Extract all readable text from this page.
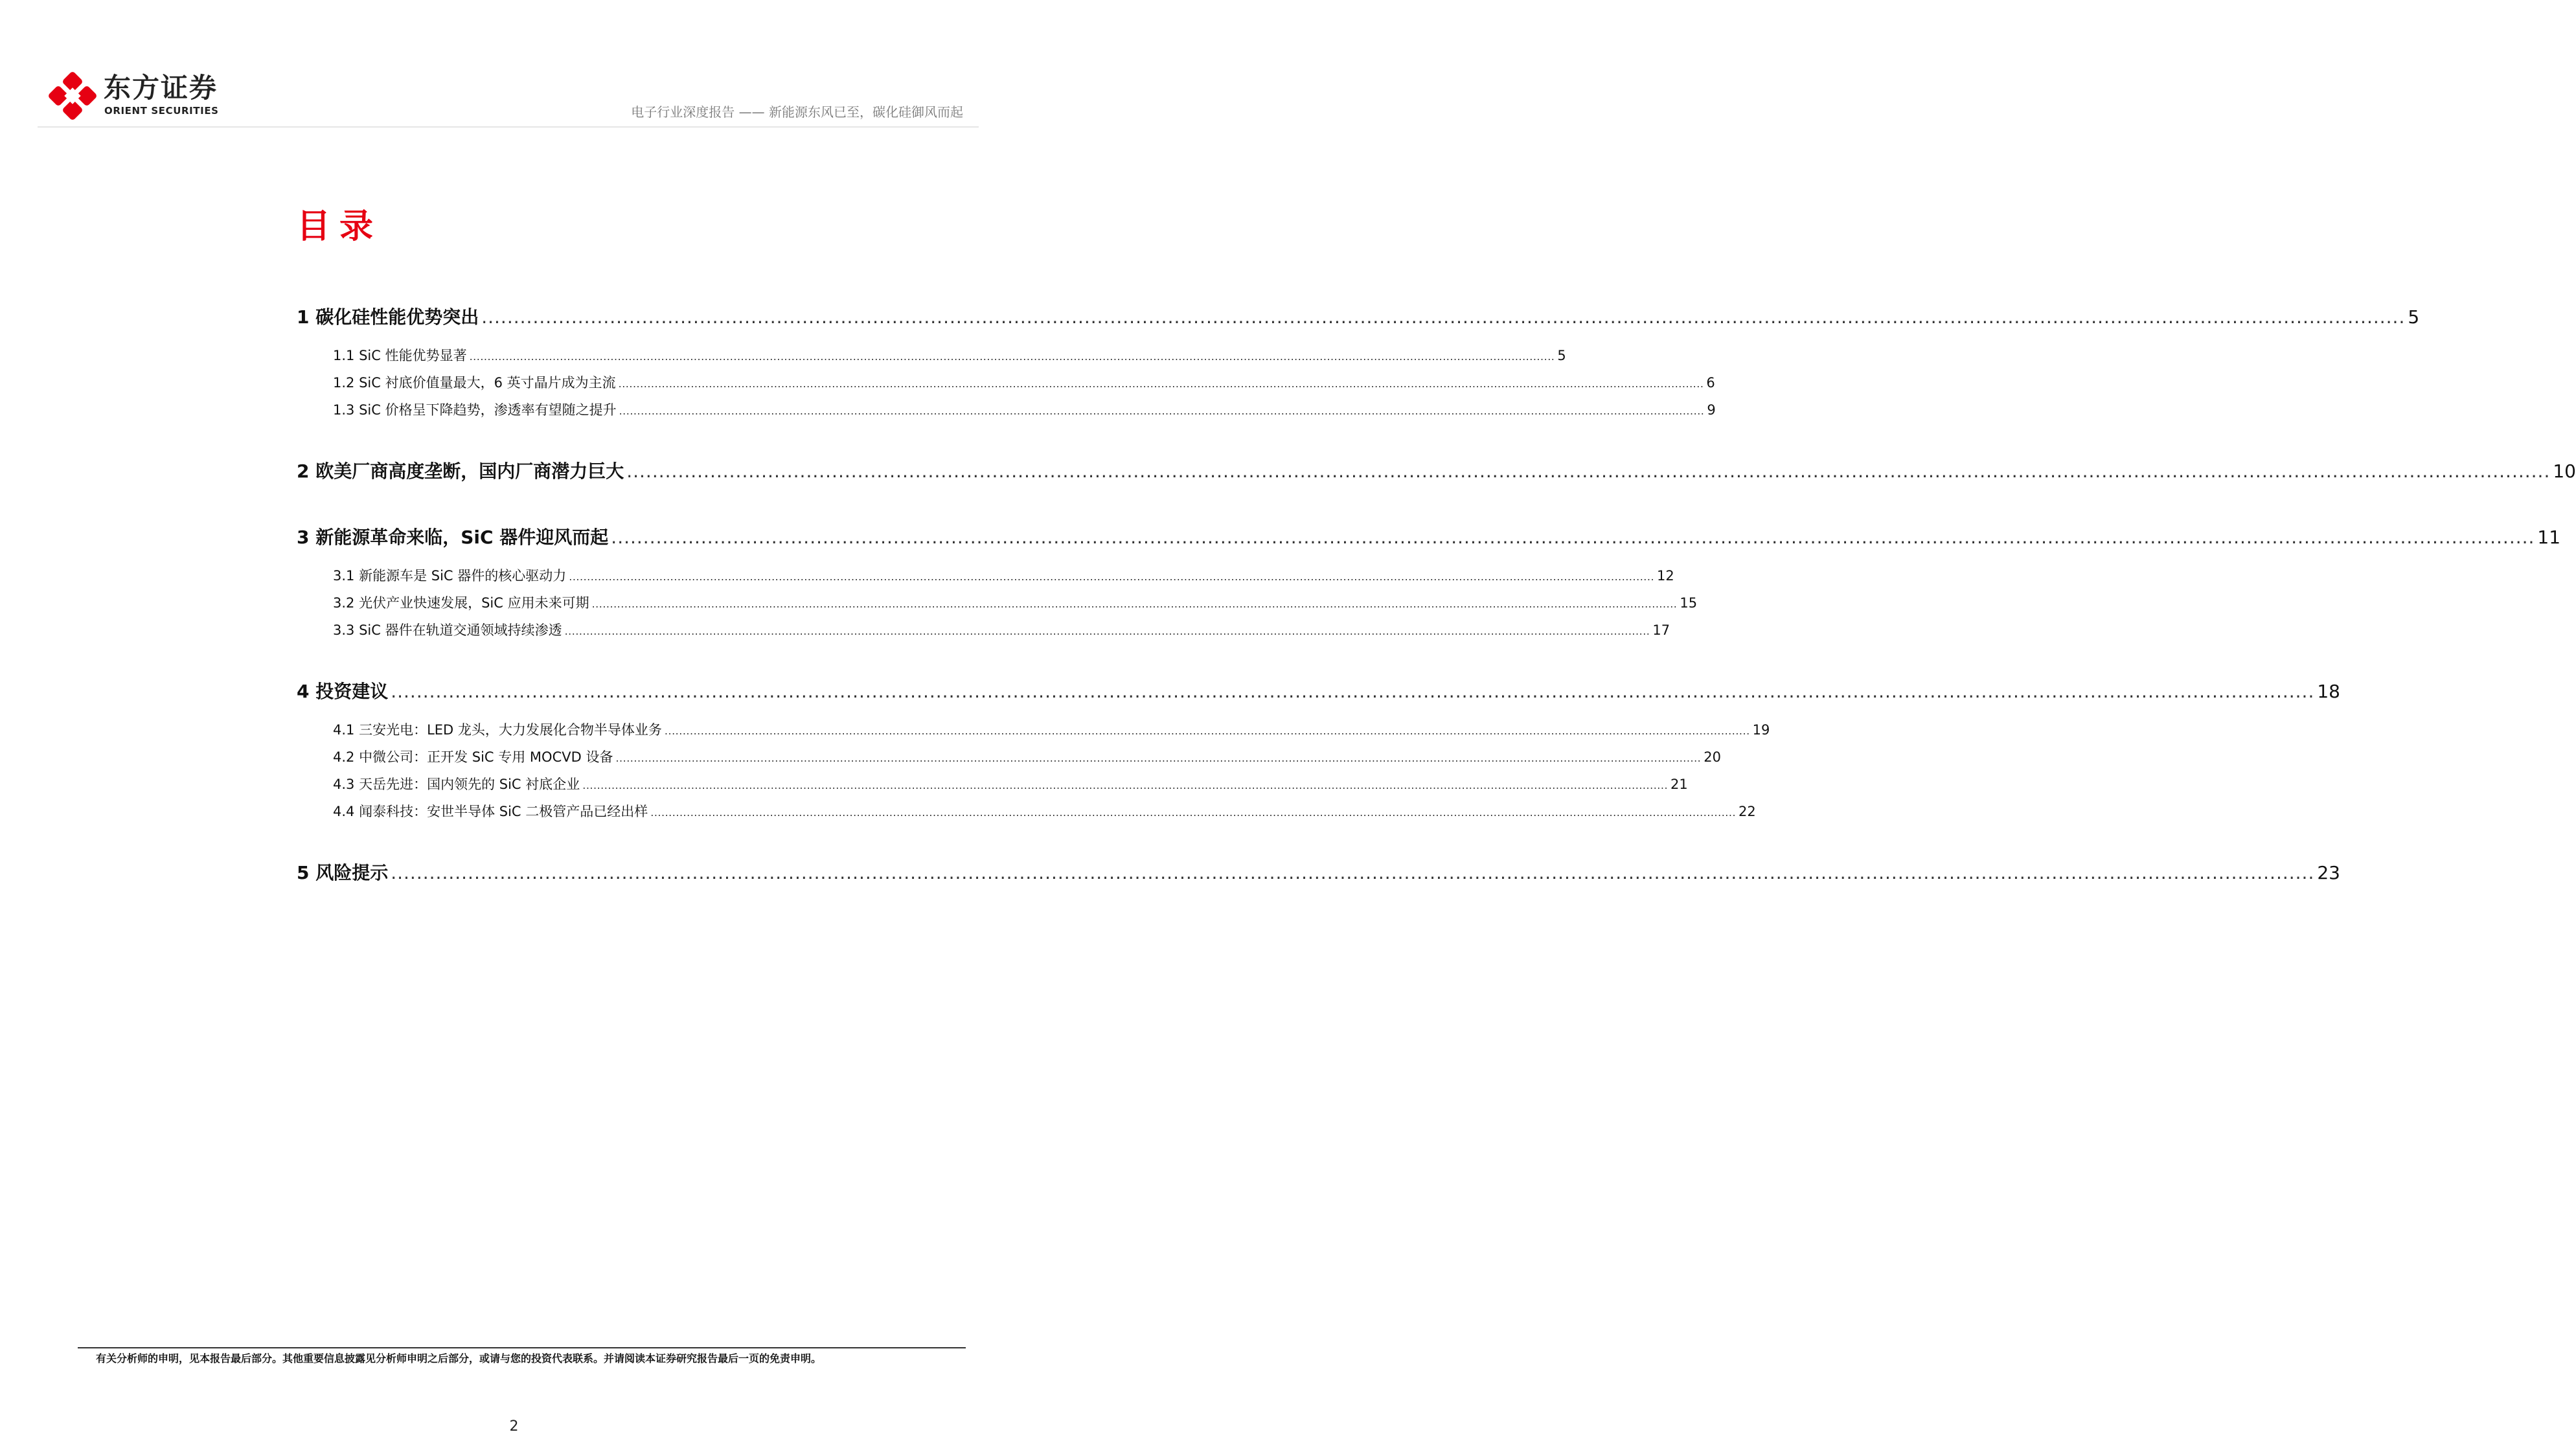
东方证券
ORIENT SECURITIES	电子行业深度报告 —— 新能源东风已至，碳化硅御风而起
目录
1 碳化硅性能优势突出 ............................................................................................................................................................................................................................................................................................................ 5
1.1 SiC 性能优势显著 ............................................................................................................................................................................................................................................................................................................ 5
1.2 SiC 衬底价值量最大，6 英寸晶片成为主流 ............................................................................................................................................................................................................................................................................................................ 6
1.3 SiC 价格呈下降趋势，渗透率有望随之提升 ............................................................................................................................................................................................................................................................................................................ 9
2 欧美厂商高度垄断，国内厂商潜力巨大 ............................................................................................................................................................................................................................................................................................................ 10
3 新能源革命来临，SiC 器件迎风而起 ............................................................................................................................................................................................................................................................................................................ 11
3.1 新能源车是 SiC 器件的核心驱动力 ............................................................................................................................................................................................................................................................................................................ 12
3.2 光伏产业快速发展，SiC 应用未来可期 ............................................................................................................................................................................................................................................................................................................ 15
3.3 SiC 器件在轨道交通领域持续渗透 ............................................................................................................................................................................................................................................................................................................ 17
4 投资建议 ............................................................................................................................................................................................................................................................................................................ 18
4.1 三安光电：LED 龙头，大力发展化合物半导体业务 ............................................................................................................................................................................................................................................................................................................ 19
4.2 中微公司：正开发 SiC 专用 MOCVD 设备 ............................................................................................................................................................................................................................................................................................................ 20
4.3 天岳先进：国内领先的 SiC 衬底企业 ............................................................................................................................................................................................................................................................................................................ 21
4.4 闻泰科技：安世半导体 SiC 二极管产品已经出样 ............................................................................................................................................................................................................................................................................................................ 22
5 风险提示 ............................................................................................................................................................................................................................................................................................................ 23
有关分析师的申明，见本报告最后部分。其他重要信息披露见分析师申明之后部分，或请与您的投资代表联系。并请阅读本证券研究报告最后一页的免责申明。
2
